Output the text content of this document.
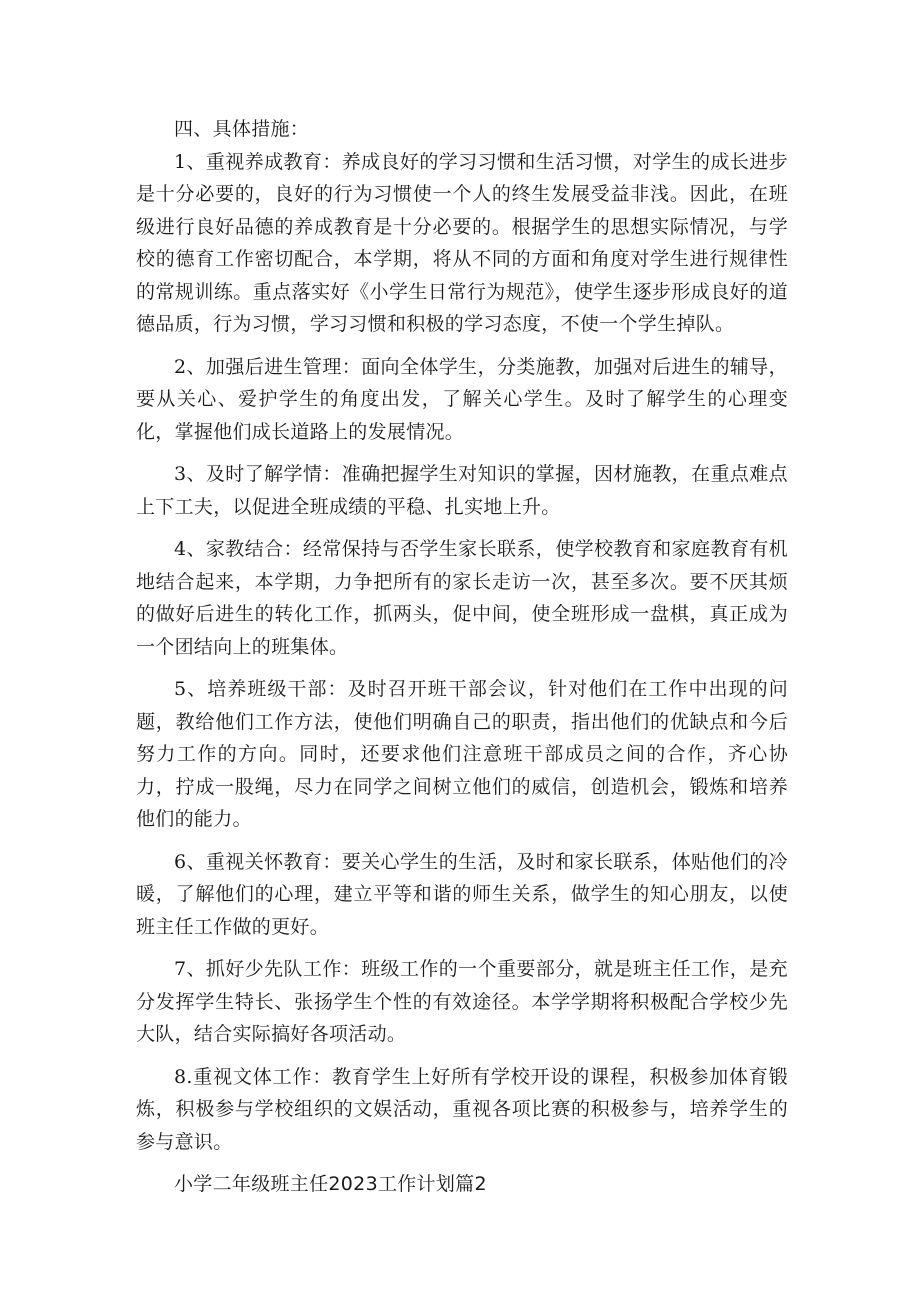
四、具体措施：

1、重视养成教育：养成良好的学习习惯和生活习惯，对学生的成长进步是十分必要的，良好的行为习惯使一个人的终生发展受益非浅。因此，在班级进行良好品德的养成教育是十分必要的。根据学生的思想实际情况，与学校的德育工作密切配合，本学期，将从不同的方面和角度对学生进行规律性的常规训练。重点落实好《小学生日常行为规范》，使学生逐步形成良好的道德品质，行为习惯，学习习惯和积极的学习态度，不使一个学生掉队。

2、加强后进生管理：面向全体学生，分类施教，加强对后进生的辅导，要从关心、爱护学生的角度出发，了解关心学生。及时了解学生的心理变化，掌握他们成长道路上的发展情况。

3、及时了解学情：准确把握学生对知识的掌握，因材施教，在重点难点上下工夫，以促进全班成绩的平稳、扎实地上升。

4、家教结合：经常保持与否学生家长联系，使学校教育和家庭教育有机地结合起来，本学期，力争把所有的家长走访一次，甚至多次。要不厌其烦的做好后进生的转化工作，抓两头，促中间，使全班形成一盘棋，真正成为一个团结向上的班集体。

5、培养班级干部：及时召开班干部会议，针对他们在工作中出现的问题，教给他们工作方法，使他们明确自己的职责，指出他们的优缺点和今后努力工作的方向。同时，还要求他们注意班干部成员之间的合作，齐心协力，拧成一股绳，尽力在同学之间树立他们的威信，创造机会，锻炼和培养他们的能力。

6、重视关怀教育：要关心学生的生活，及时和家长联系，体贴他们的冷暖，了解他们的心理，建立平等和谐的师生关系，做学生的知心朋友，以使班主任工作做的更好。

7、抓好少先队工作：班级工作的一个重要部分，就是班主任工作，是充分发挥学生特长、张扬学生个性的有效途径。本学学期将积极配合学校少先大队，结合实际搞好各项活动。

8.重视文体工作：教育学生上好所有学校开设的课程，积极参加体育锻炼，积极参与学校组织的文娱活动，重视各项比赛的积极参与，培养学生的参与意识。

小学二年级班主任2023工作计划篇2
